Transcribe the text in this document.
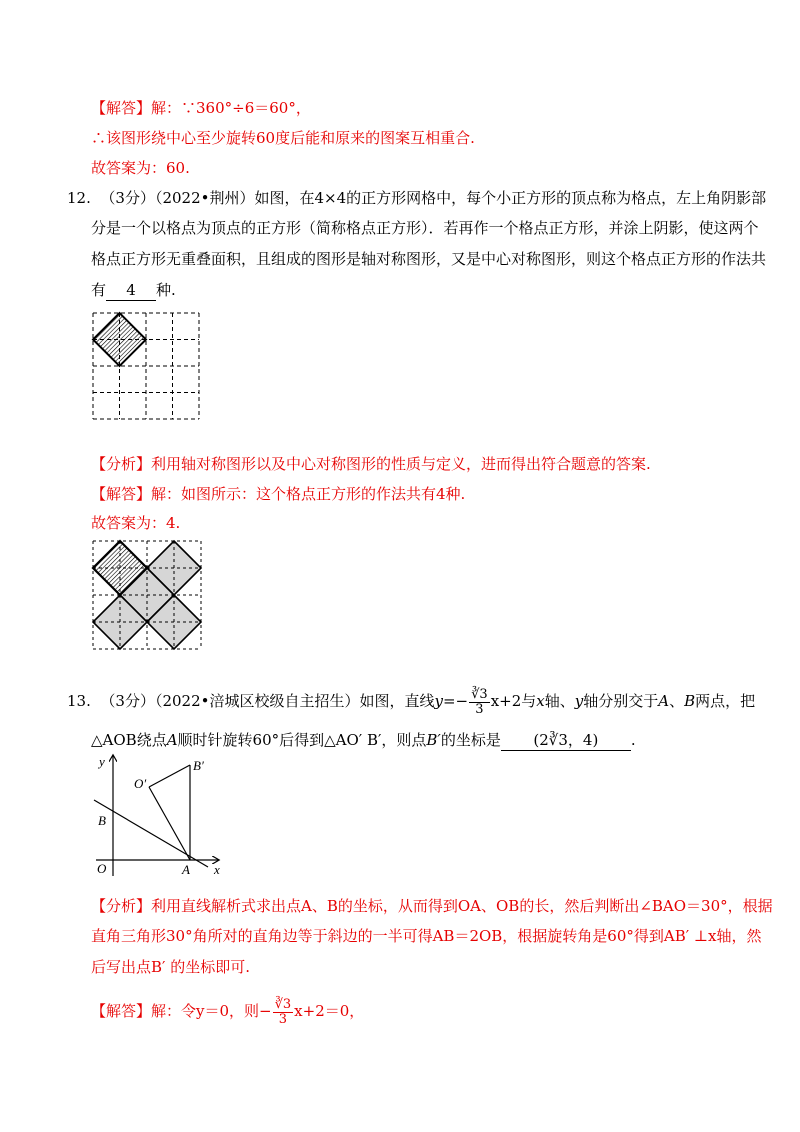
【解答】解：∵360°÷6＝60°，
∴该图形绕中心至少旋转60度后能和原来的图案互相重合.
故答案为：60.
12. （3分）（2022•荆州）如图，在4×4的正方形网格中，每个小正方形的顶点称为格点，左上角阴影部
分是一个以格点为顶点的正方形（简称格点正方形）．若再作一个格点正方形，并涂上阴影，使这两个
格点正方形无重叠面积，且组成的图形是轴对称图形，又是中心对称图形，则这个格点正方形的作法共
有 4 种.
【分析】利用轴对称图形以及中心对称图形的性质与定义，进而得出符合题意的答案.
【解答】解：如图所示：这个格点正方形的作法共有4种.
故答案为：4.
13. （3分）（2022•涪城区校级自主招生）如图，直线$y=- \frac{∛3}{3} x+2$与x轴、y轴分别交于A、B两点，把
△AOB绕点A顺时针旋转60°后得到△AO′ B′，则点B′的坐标是 (2∛3，4) .
y
x
O	A
B
O′
B′
【分析】利用直线解析式求出点A、B的坐标，从而得到OA、OB的长，然后判断出∠BAO＝30°，根据
直角三角形30°角所对的直角边等于斜边的一半可得AB＝2OB，根据旋转角是60°得到AB′ ⊥x轴，然
后写出点B′ 的坐标即可.
【解答】解：令y＝0，则− $\frac{∛3}{3} x+2=0$，
